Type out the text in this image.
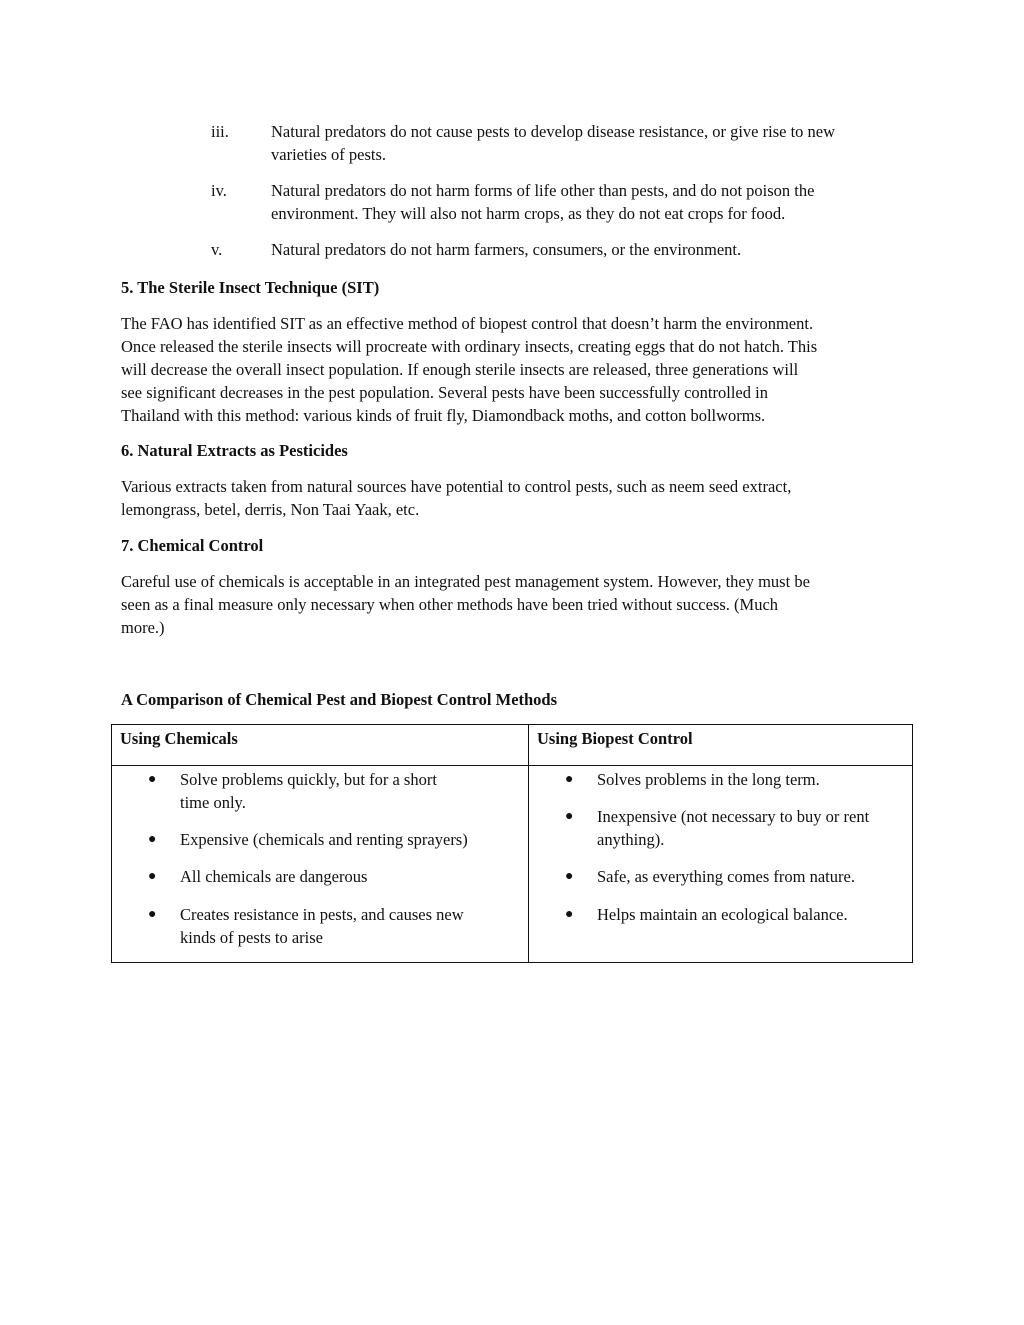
iii.	Natural predators do not cause pests to develop disease resistance, or give rise to new
varieties of pests.
iv.	Natural predators do not harm forms of life other than pests, and do not poison the
environment. They will also not harm crops, as they do not eat crops for food.
v.	Natural predators do not harm farmers, consumers, or the environment.
5. The Sterile Insect Technique (SIT)
The FAO has identified SIT as an effective method of biopest control that doesn’t harm the environment.
Once released the sterile insects will procreate with ordinary insects, creating eggs that do not hatch. This
will decrease the overall insect population. If enough sterile insects are released, three generations will
see significant decreases in the pest population. Several pests have been successfully controlled in
Thailand with this method: various kinds of fruit fly, Diamondback moths, and cotton bollworms.
6. Natural Extracts as Pesticides
Various extracts taken from natural sources have potential to control pests, such as neem seed extract,
lemongrass, betel, derris, Non Taai Yaak, etc.
7. Chemical Control
Careful use of chemicals is acceptable in an integrated pest management system. However, they must be
seen as a final measure only necessary when other methods have been tried without success. (Much
more.)
A Comparison of Chemical Pest and Biopest Control Methods
Using Chemicals	Using Biopest Control

● Solve problems quickly, but for a short
time only.
● Expensive (chemicals and renting sprayers)
● All chemicals are dangerous
● Creates resistance in pests, and causes new
kinds of pests to arise

● Solves problems in the long term.
● Inexpensive (not necessary to buy or rent
anything).
● Safe, as everything comes from nature.
● Helps maintain an ecological balance.
